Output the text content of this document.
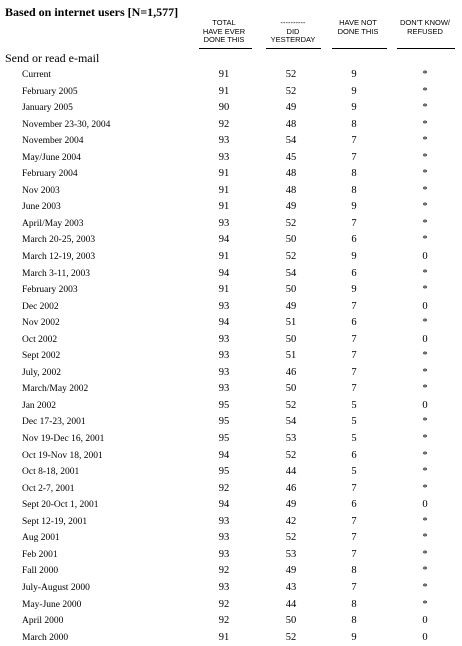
Based on internet users [N=1,577]
TOTAL
HAVE EVER
DONE THIS
----------
DID
YESTERDAY
HAVE NOT
DONE THIS
DON'T KNOW/
REFUSED
Send or read e-mail
Current	91	52	9	*
February 2005	91	52	9	*
January 2005	90	49	9	*
November 23-30, 2004	92	48	8	*
November 2004	93	54	7	*
May/June 2004	93	45	7	*
February 2004	91	48	8	*
Nov 2003	91	48	8	*
June 2003	91	49	9	*
April/May 2003	93	52	7	*
March 20-25, 2003	94	50	6	*
March 12-19, 2003	91	52	9	0
March 3-11, 2003	94	54	6	*
February 2003	91	50	9	*
Dec 2002	93	49	7	0
Nov 2002	94	51	6	*
Oct 2002	93	50	7	0
Sept 2002	93	51	7	*
July, 2002	93	46	7	*
March/May 2002	93	50	7	*
Jan 2002	95	52	5	0
Dec 17-23, 2001	95	54	5	*
Nov 19-Dec 16, 2001	95	53	5	*
Oct 19-Nov 18, 2001	94	52	6	*
Oct 8-18, 2001	95	44	5	*
Oct 2-7, 2001	92	46	7	*
Sept 20-Oct 1, 2001	94	49	6	0
Sept 12-19, 2001	93	42	7	*
Aug 2001	93	52	7	*
Feb 2001	93	53	7	*
Fall 2000	92	49	8	*
July-August 2000	93	43	7	*
May-June 2000	92	44	8	*
April 2000	92	50	8	0
March 2000	91	52	9	0
